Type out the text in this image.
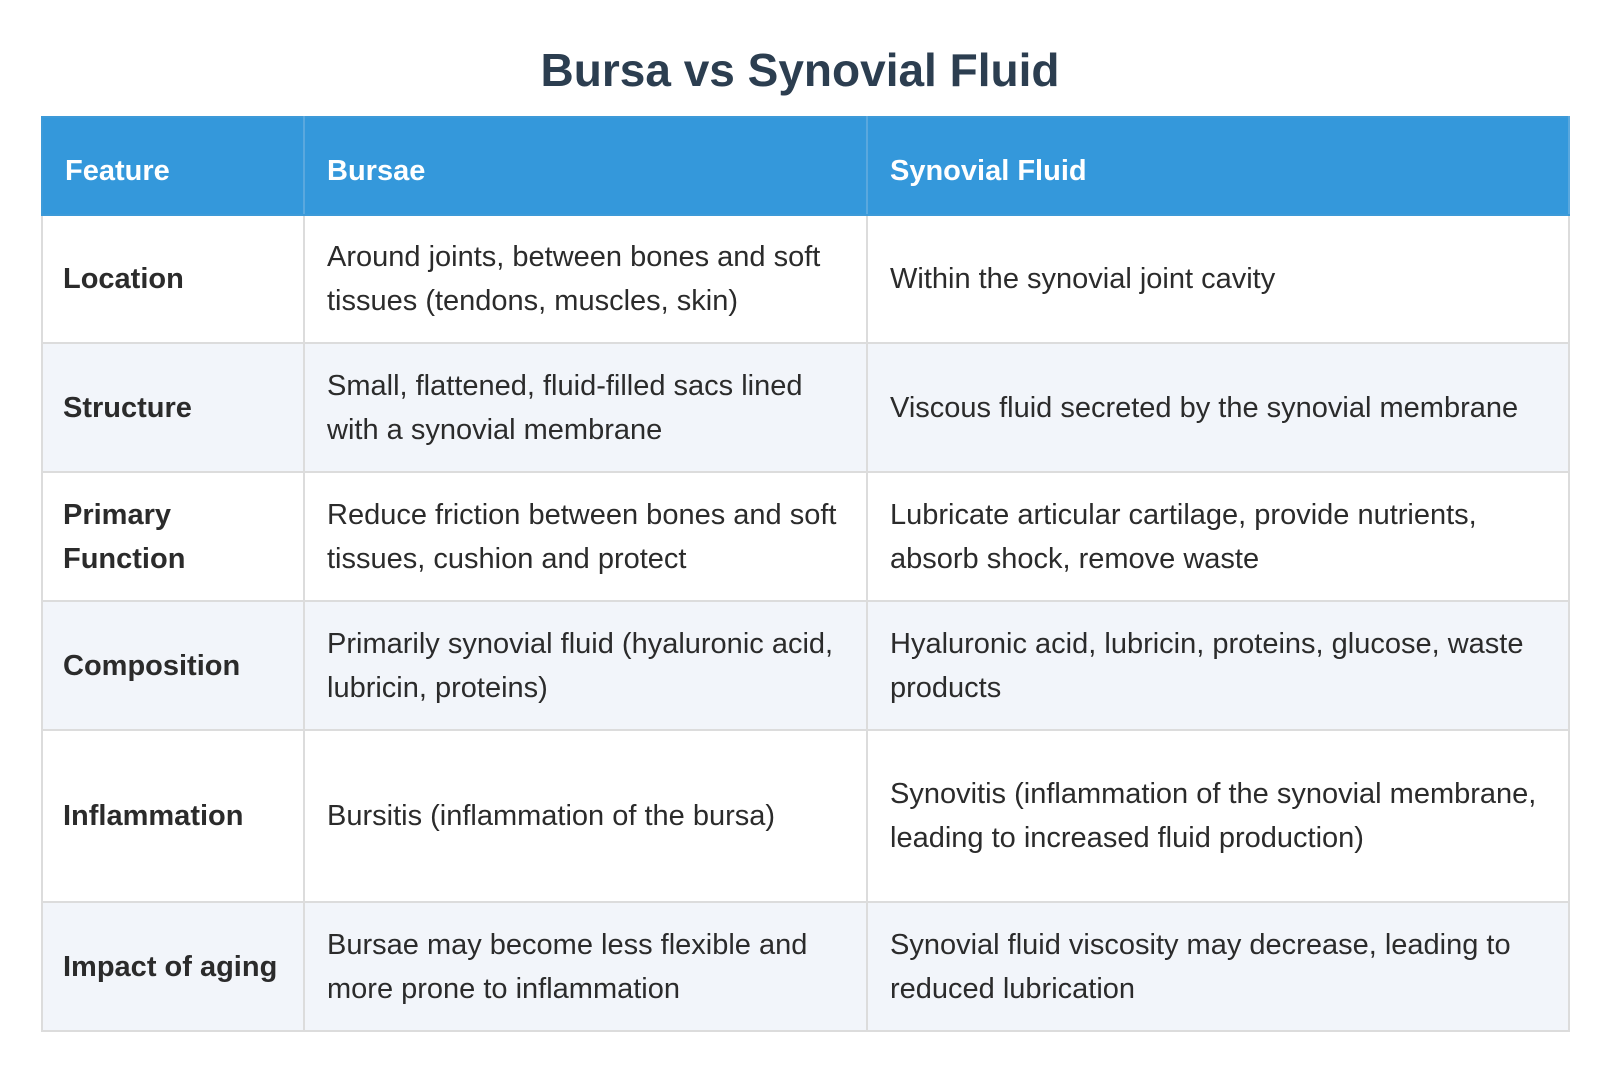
Bursa vs Synovial Fluid
Feature	Bursae	Synovial Fluid
Location	Around joints, between bones and soft tissues (tendons, muscles, skin)	Within the synovial joint cavity
Structure	Small, flattened, fluid-filled sacs lined with a synovial membrane	Viscous fluid secreted by the synovial membrane
Primary Function	Reduce friction between bones and soft tissues, cushion and protect	Lubricate articular cartilage, provide nutrients, absorb shock, remove waste
Composition	Primarily synovial fluid (hyaluronic acid, lubricin, proteins)	Hyaluronic acid, lubricin, proteins, glucose, waste products
Inflammation	Bursitis (inflammation of the bursa)	Synovitis (inflammation of the synovial membrane, leading to increased fluid production)
Impact of aging	Bursae may become less flexible and more prone to inflammation	Synovial fluid viscosity may decrease, leading to reduced lubrication
